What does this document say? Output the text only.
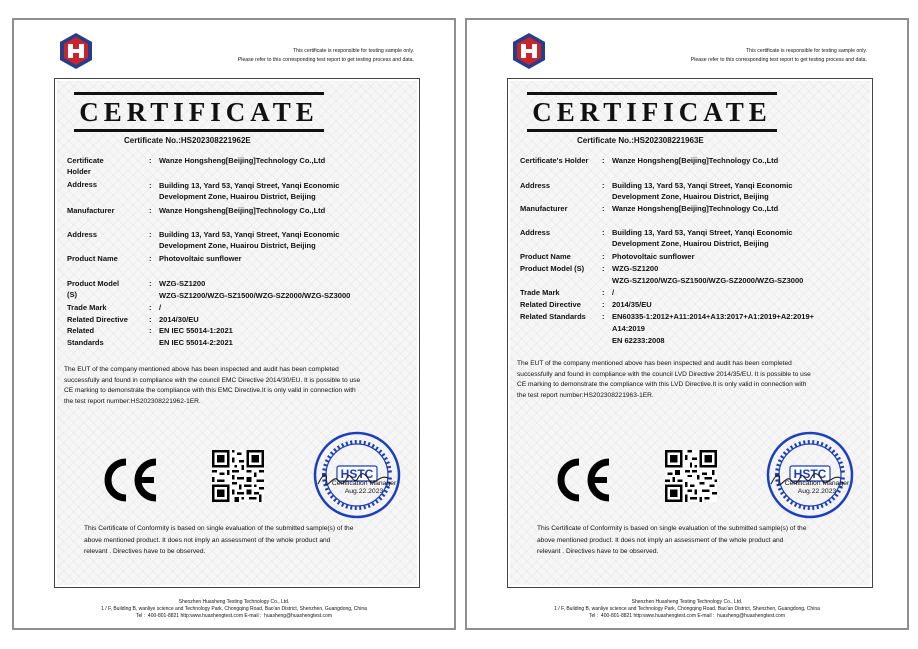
This certificate is responsible for testing sample only.
Please refer to this corresponding test report to get testing process and data.
CERTIFICATE
Certificate No.:HS202308221962E
Certificate
Holder
: Wanze Hongsheng[Beijing]Technology Co.,Ltd
Address	: Building 13, Yard 53, Yanqi Street, Yanqi Economic
Development Zone, Huairou District, Beijing
Manufacturer	: Wanze Hongsheng[Beijing]Technology Co.,Ltd
Address	: Building 13, Yard 53, Yanqi Street, Yanqi Economic
Development Zone, Huairou District, Beijing
Product Name	: Photovoltaic sunflower
Product Model
(S)
: WZG-SZ1200
WZG-SZ1200/WZG-SZ1500/WZG-SZ2000/WZG-SZ3000
Trade Mark	: /
Related Directive	: 2014/30/EU
Related
Standards
: EN IEC 55014-1:2021
EN IEC 55014-2:2021
The EUT of the company mentioned above has been inspected and audit has been completed
successfully and found in compliance with the council EMC Directive 2014/30/EU. It is possible to use
CE marking to demonstrate the compliance with this EMC Directive.It is only valid in connection with
the test report number:HS202308221962-1ER.
HSTC
Certification Manager
Aug.22.2023
This Certificate of Conformity is based on single evaluation of the submitted sample(s) of the
above mentioned product. It does not imply an assessment of the whole product and
relevant . Directives have to be observed.
Shenzhen Huasheng Testing Technology Co., Ltd.
1 / F, Building B, wanliye science and Technology Park, Chongqing Road, Bao'an District, Shenzhen, Guangdong, China
Tel :  400-801-8821 http:www.huashengtest.com E-mail :  huasheng@huashengtest.com
This certificate is responsible for testing sample only.
Please refer to this corresponding test report to get testing process and data.
CERTIFICATE
Certificate No.:HS202308221963E
Certificate's Holder : Wanze Hongsheng[Beijing]Technology Co.,Ltd
Address	: Building 13, Yard 53, Yanqi Street, Yanqi Economic
Development Zone, Huairou District, Beijing
Manufacturer	: Wanze Hongsheng[Beijing]Technology Co.,Ltd
Address	: Building 13, Yard 53, Yanqi Street, Yanqi Economic
Development Zone, Huairou District, Beijing
Product Name	: Photovoltaic sunflower
Product Model (S) : WZG-SZ1200
WZG-SZ1200/WZG-SZ1500/WZG-SZ2000/WZG-SZ3000
Trade Mark	: /
Related Directive	: 2014/35/EU
Related Standards : EN60335-1:2012+A11:2014+A13:2017+A1:2019+A2:2019+
A14:2019
EN 62233:2008
The EUT of the company mentioned above has been inspected and audit has been completed
successfully and found in compliance with the council LVD Directive 2014/35/EU. It is possible to use
CE marking to demonstrate the compliance with this LVD Directive.It is only valid in connection with
the test report number:HS202308221963-1ER.
HSTC
Certification Manager
Aug.22.2023
This Certificate of Conformity is based on single evaluation of the submitted sample(s) of the
above mentioned product. It does not imply an assessment of the whole product and
relevant . Directives have to be observed.
Shenzhen Huasheng Testing Technology Co., Ltd.
1 / F, Building B, wanliye science and Technology Park, Chongqing Road, Bao'an District, Shenzhen, Guangdong, China
Tel :  400-801-8821 http:www.huashengtest.com E-mail :  huasheng@huashengtest.com
